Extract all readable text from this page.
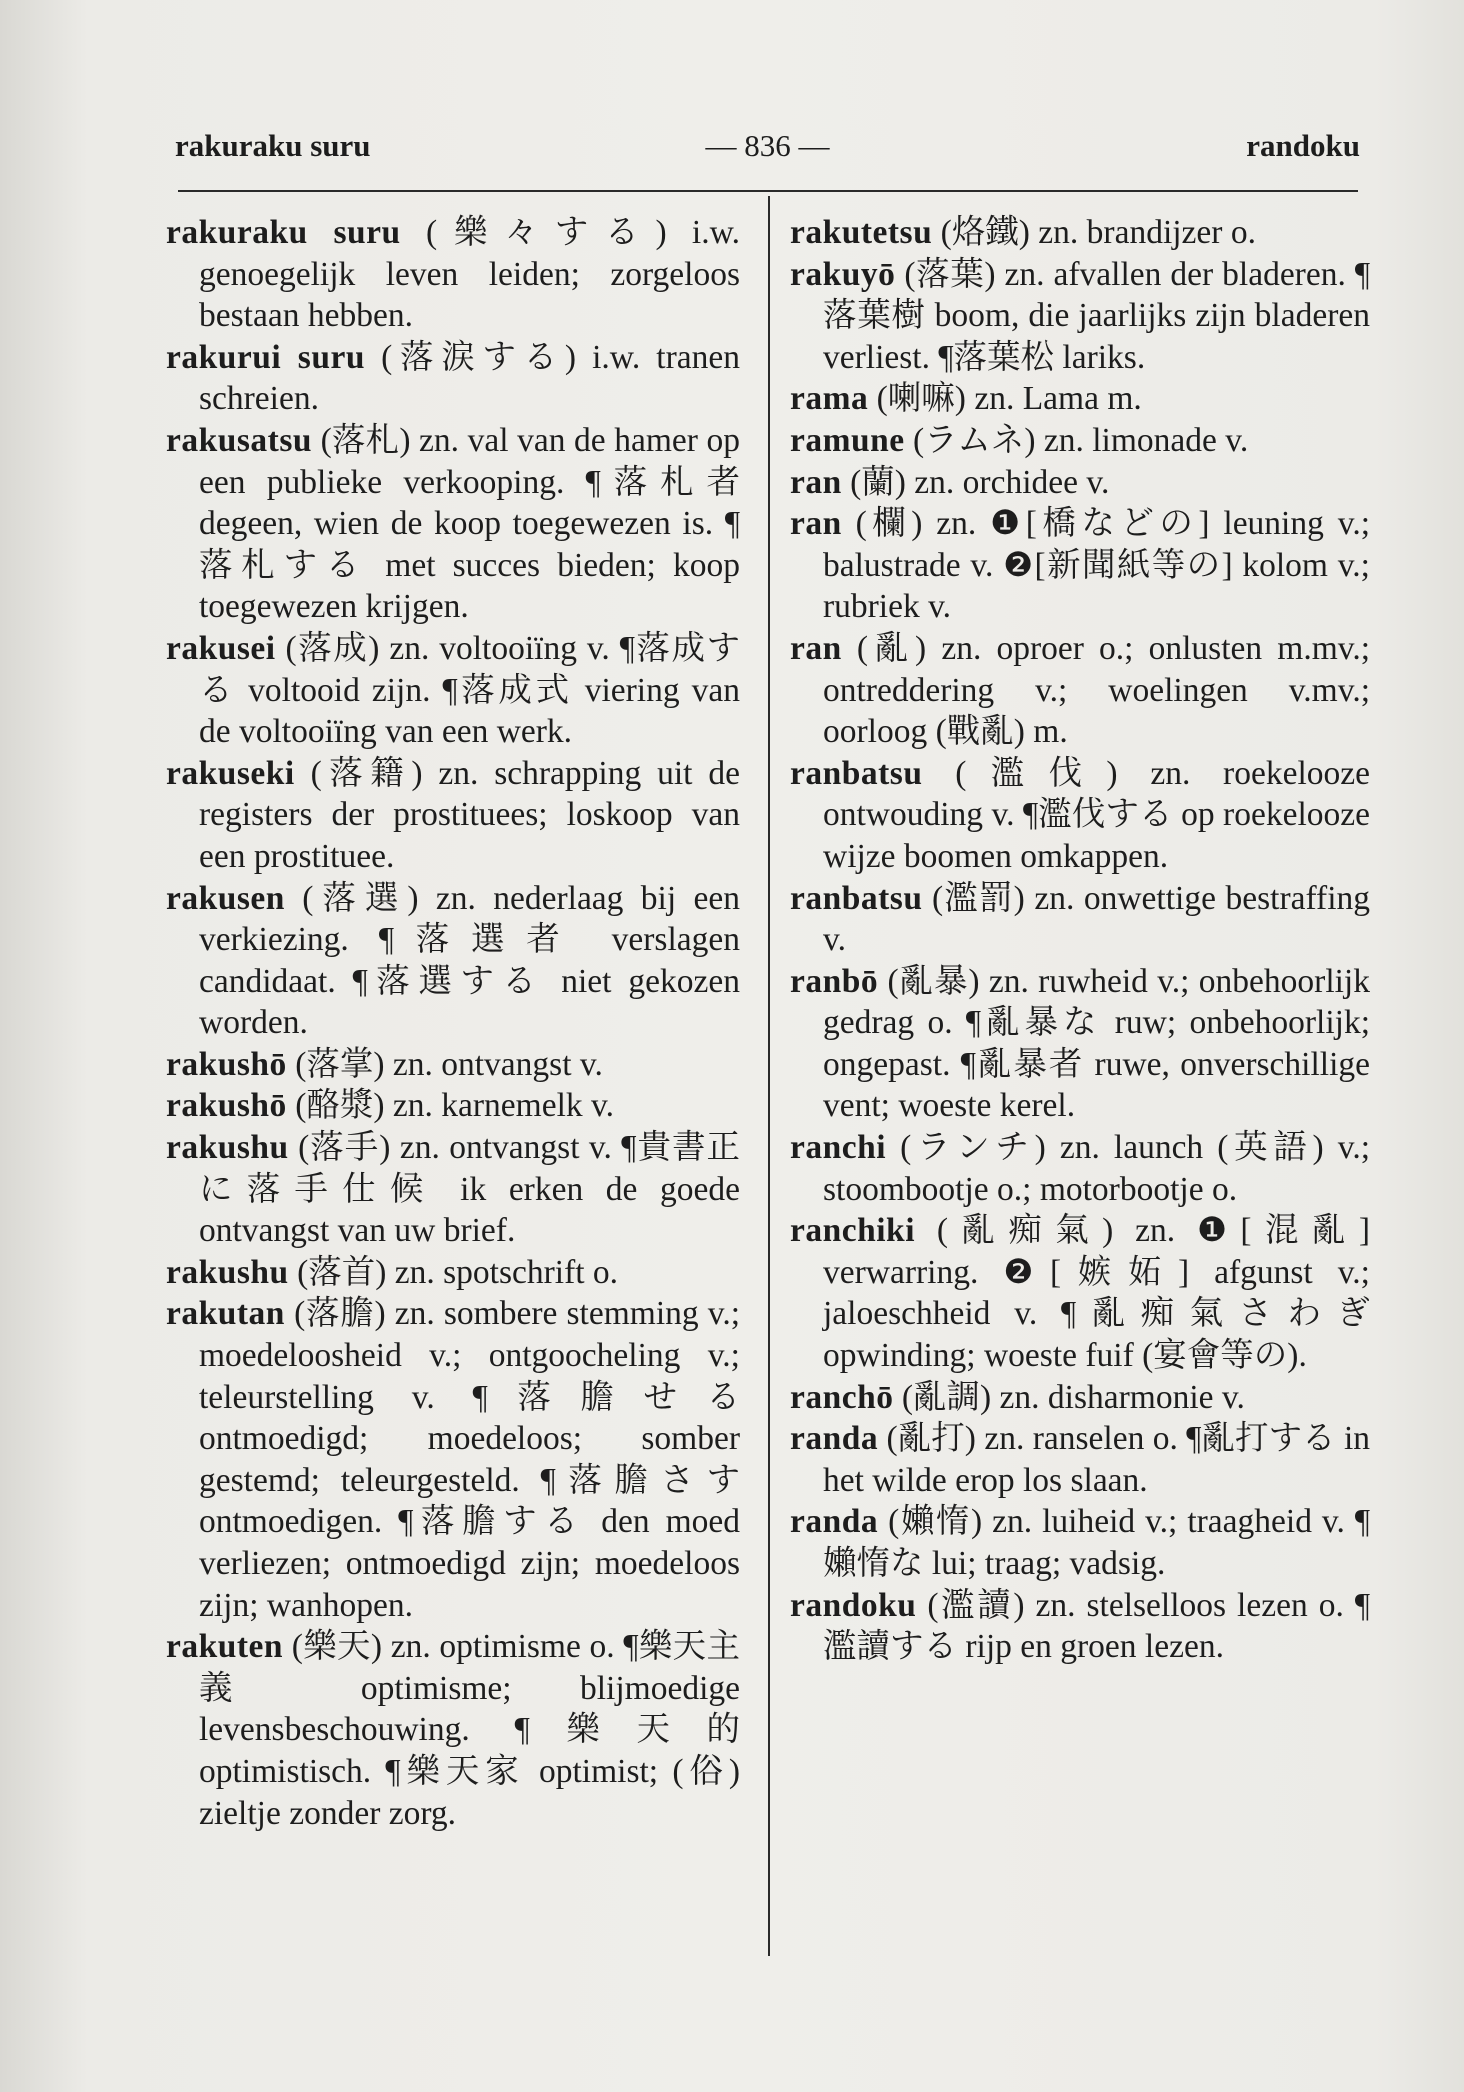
rakuraku suru	— 836 —	randoku

rakuraku suru (樂々する) i.w. genoegelijk leven leiden; zorgeloos bestaan hebben.

rakurui suru (落涙する) i.w. tranen schreien.

rakusatsu (落札) zn. val van de hamer op een publieke verkooping. ¶落札者 degeen, wien de koop toegewezen is. ¶落札する met succes bieden; koop toegewezen krijgen.

rakusei (落成) zn. voltooiïng v. ¶落成する voltooid zijn. ¶落成式 viering van de voltooiïng van een werk.

rakuseki (落籍) zn. schrapping uit de registers der prostituees; loskoop van een prostituee.

rakusen (落選) zn. nederlaag bij een verkiezing. ¶落選者 verslagen candidaat. ¶落選する niet gekozen worden.

rakushō (落掌) zn. ontvangst v.

rakushō (酪漿) zn. karnemelk v.

rakushu (落手) zn. ontvangst v. ¶貴書正に落手仕候 ik erken de goede ontvangst van uw brief.

rakushu (落首) zn. spotschrift o.

rakutan (落膽) zn. sombere stemming v.; moedeloosheid v.; ontgoocheling v.; teleurstelling v. ¶落膽せる ontmoedigd; moedeloos; somber gestemd; teleurgesteld. ¶落膽さす ontmoedigen. ¶落膽する den moed verliezen; ontmoedigd zijn; moedeloos zijn; wanhopen.

rakuten (樂天) zn. optimisme o. ¶樂天主義 optimisme; blijmoedige levensbeschouwing. ¶樂天的 optimistisch. ¶樂天家 optimist; (俗) zieltje zonder zorg.

rakutetsu (烙鐵) zn. brandijzer o.

rakuyō (落葉) zn. afvallen der bladeren. ¶落葉樹 boom, die jaarlijks zijn bladeren verliest. ¶落葉松 lariks.

rama (喇嘛) zn. Lama m.

ramune (ラムネ) zn. limonade v.

ran (蘭) zn. orchidee v.

ran (欄) zn. ❶[橋などの] leuning v.; balustrade v. ❷[新聞紙等の] kolom v.; rubriek v.

ran (亂) zn. oproer o.; onlusten m.mv.; ontreddering v.; woelingen v.mv.; oorloog (戰亂) m.

ranbatsu (濫伐) zn. roekelooze ontwouding v. ¶濫伐する op roekelooze wijze boomen omkappen.

ranbatsu (濫罰) zn. onwettige bestraffing v.

ranbō (亂暴) zn. ruwheid v.; onbehoorlijk gedrag o. ¶亂暴な ruw; onbehoorlijk; ongepast. ¶亂暴者 ruwe, onverschillige vent; woeste kerel.

ranchi (ランチ) zn. launch (英語) v.; stoombootje o.; motorbootje o.

ranchiki (亂痴氣) zn. ❶[混亂] verwarring. ❷[嫉妬] afgunst v.; jaloeschheid v. ¶亂痴氣さわぎ opwinding; woeste fuif (宴會等の).

ranchō (亂調) zn. disharmonie v.

randa (亂打) zn. ranselen o. ¶亂打する in het wilde erop los slaan.

randa (嬾惰) zn. luiheid v.; traagheid v. ¶嬾惰な lui; traag; vadsig.

randoku (濫讀) zn. stelselloos lezen o. ¶濫讀する rijp en groen lezen.
